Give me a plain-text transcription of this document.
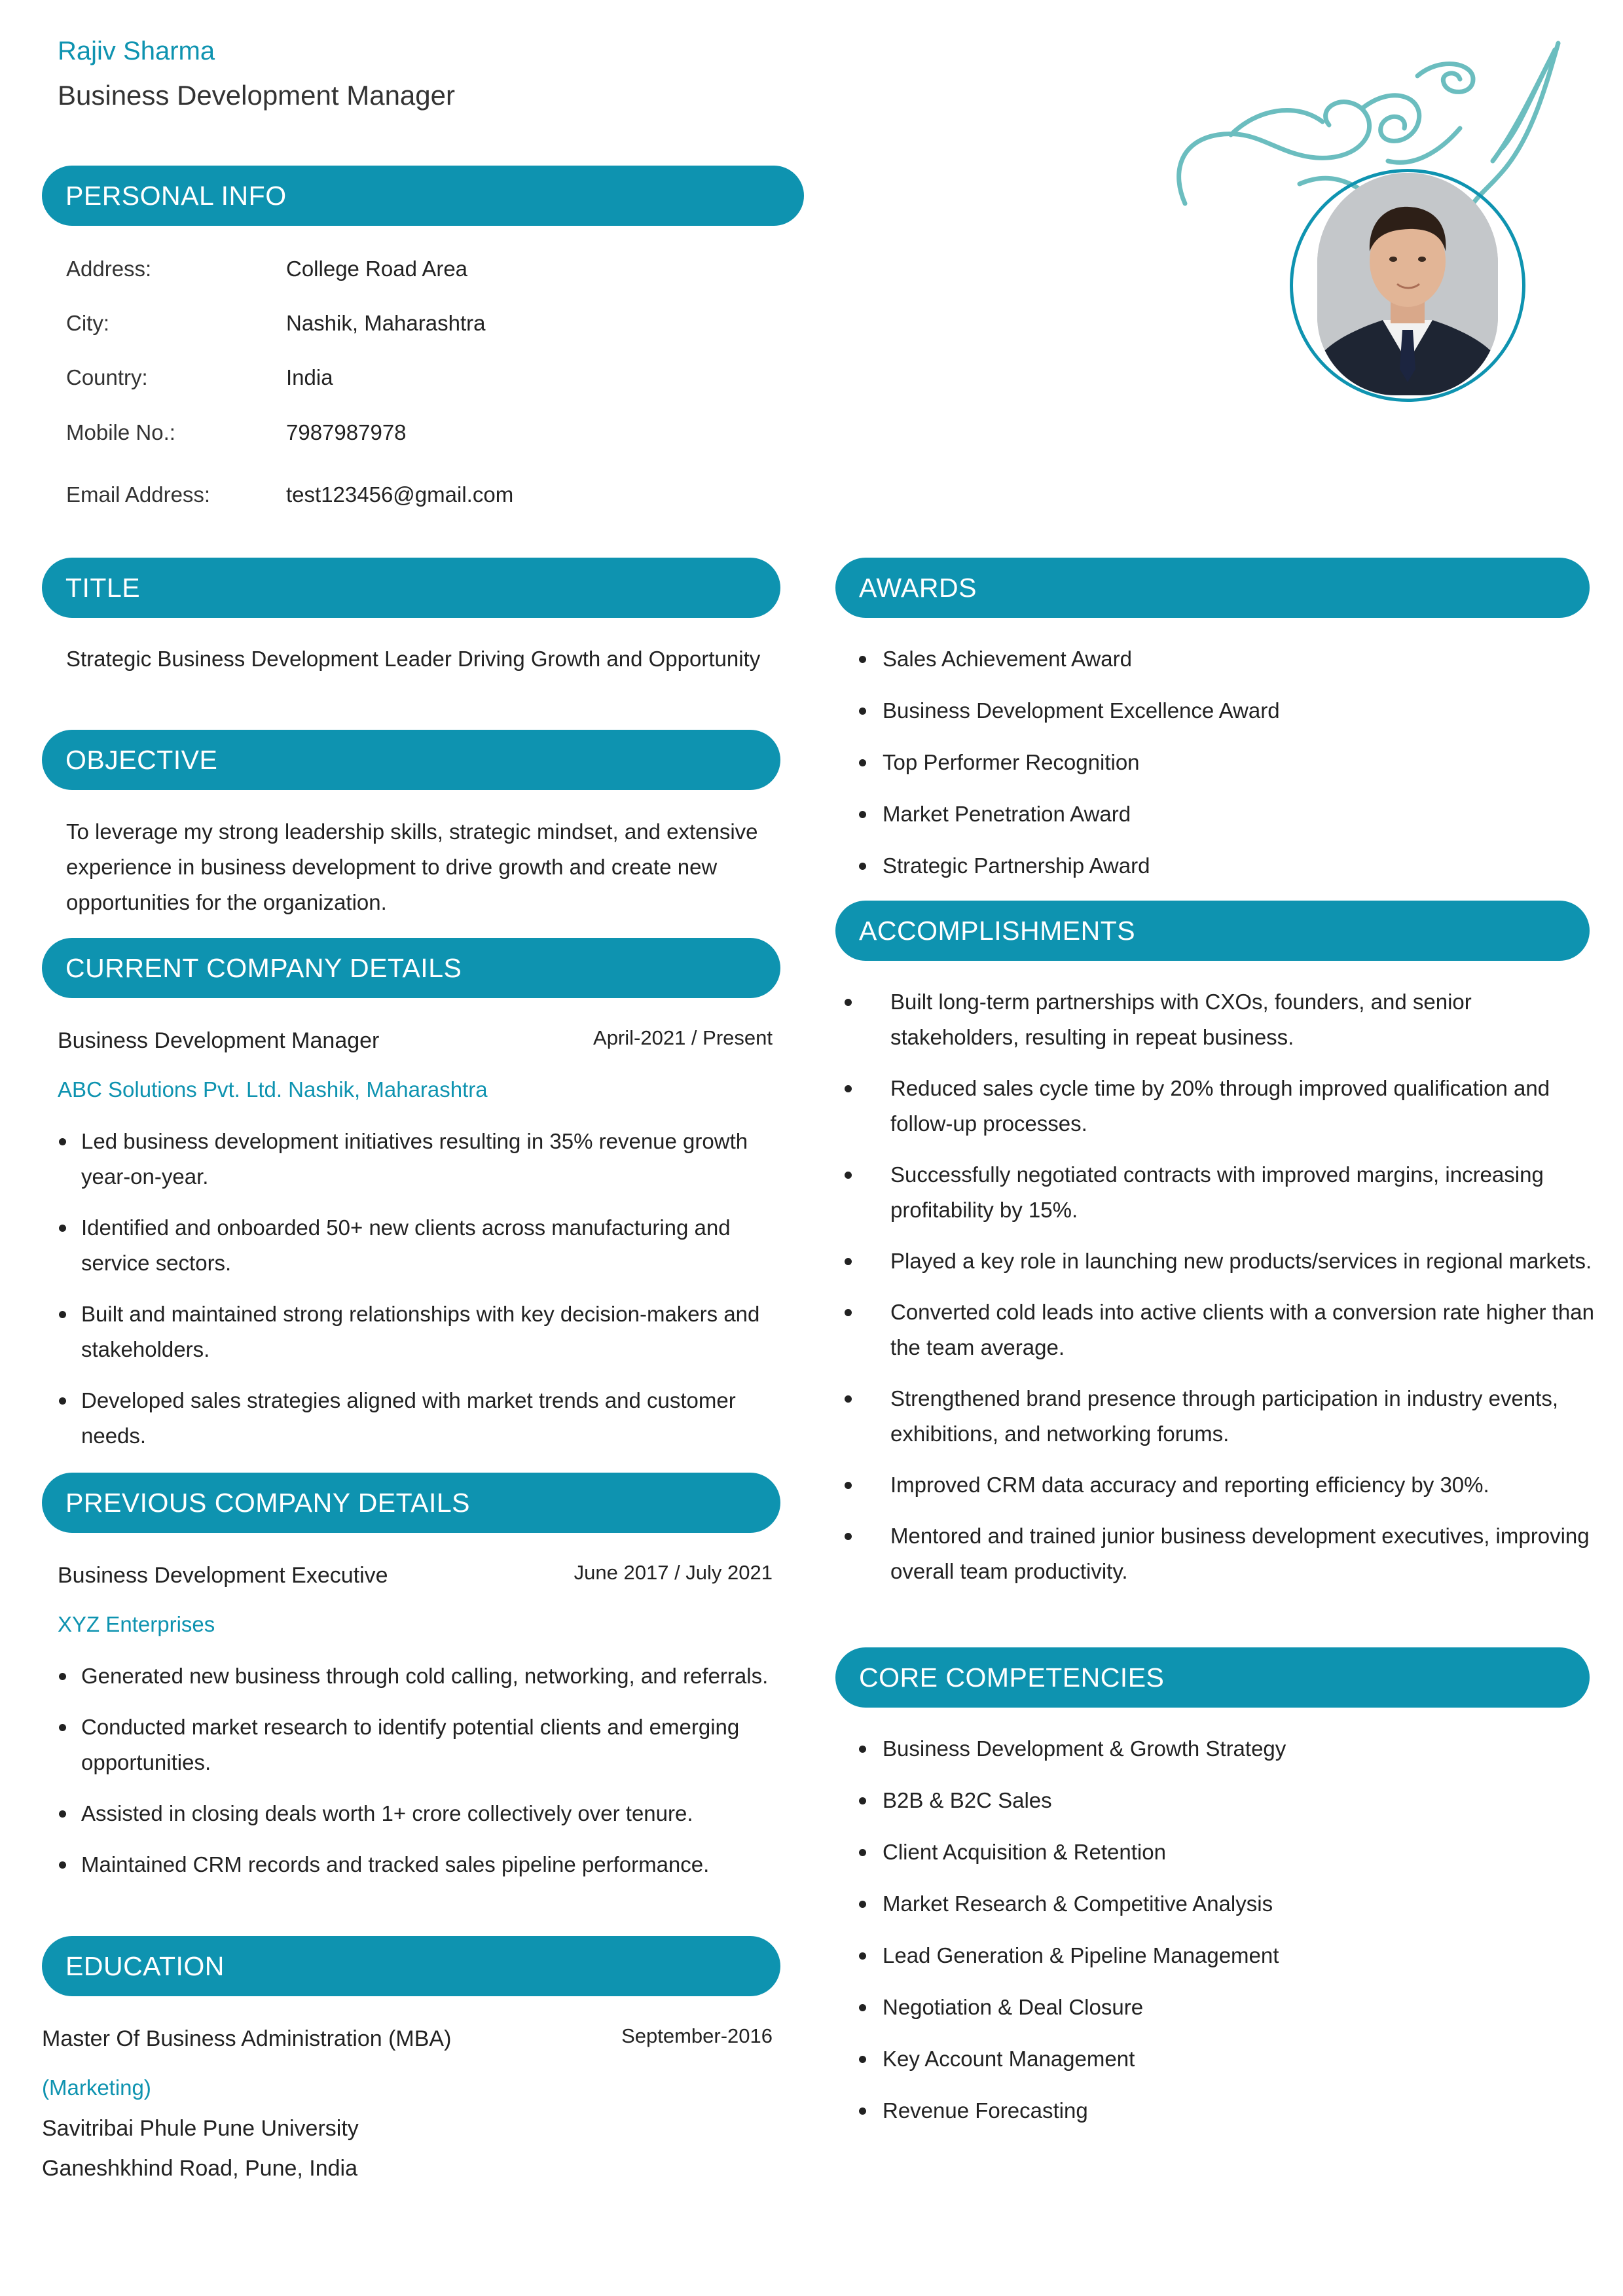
Rajiv Sharma
Business Development Manager
PERSONAL INFO
Address:	College Road Area
City:	Nashik, Maharashtra
Country:	India
Mobile No.:	7987987978
Email Address:	test123456@gmail.com
TITLE
Strategic Business Development Leader Driving Growth and Opportunity
OBJECTIVE
To leverage my strong leadership skills, strategic mindset, and extensive experience in business development to drive growth and create new opportunities for the organization.
CURRENT COMPANY DETAILS
Business Development Manager	April-2021 / Present
ABC Solutions Pvt. Ltd. Nashik, Maharashtra
Led business development initiatives resulting in 35% revenue growth year-on-year.
Identified and onboarded 50+ new clients across manufacturing and service sectors.
Built and maintained strong relationships with key decision-makers and stakeholders.
Developed sales strategies aligned with market trends and customer needs.
PREVIOUS COMPANY DETAILS
Business Development Executive	June 2017 / July 2021
XYZ Enterprises
Generated new business through cold calling, networking, and referrals.
Conducted market research to identify potential clients and emerging opportunities.
Assisted in closing deals worth 1+ crore collectively over tenure.
Maintained CRM records and tracked sales pipeline performance.
EDUCATION
Master Of Business Administration (MBA)	September-2016
(Marketing)
Savitribai Phule Pune University
Ganeshkhind Road, Pune, India
AWARDS
Sales Achievement Award
Business Development Excellence Award
Top Performer Recognition
Market Penetration Award
Strategic Partnership Award
ACCOMPLISHMENTS
Built long-term partnerships with CXOs, founders, and senior stakeholders, resulting in repeat business.
Reduced sales cycle time by 20% through improved qualification and follow-up processes.
Successfully negotiated contracts with improved margins, increasing profitability by 15%.
Played a key role in launching new products/services in regional markets.
Converted cold leads into active clients with a conversion rate higher than the team average.
Strengthened brand presence through participation in industry events, exhibitions, and networking forums.
Improved CRM data accuracy and reporting efficiency by 30%.
Mentored and trained junior business development executives, improving overall team productivity.
CORE COMPETENCIES
Business Development & Growth Strategy
B2B & B2C Sales
Client Acquisition & Retention
Market Research & Competitive Analysis
Lead Generation & Pipeline Management
Negotiation & Deal Closure
Key Account Management
Revenue Forecasting
